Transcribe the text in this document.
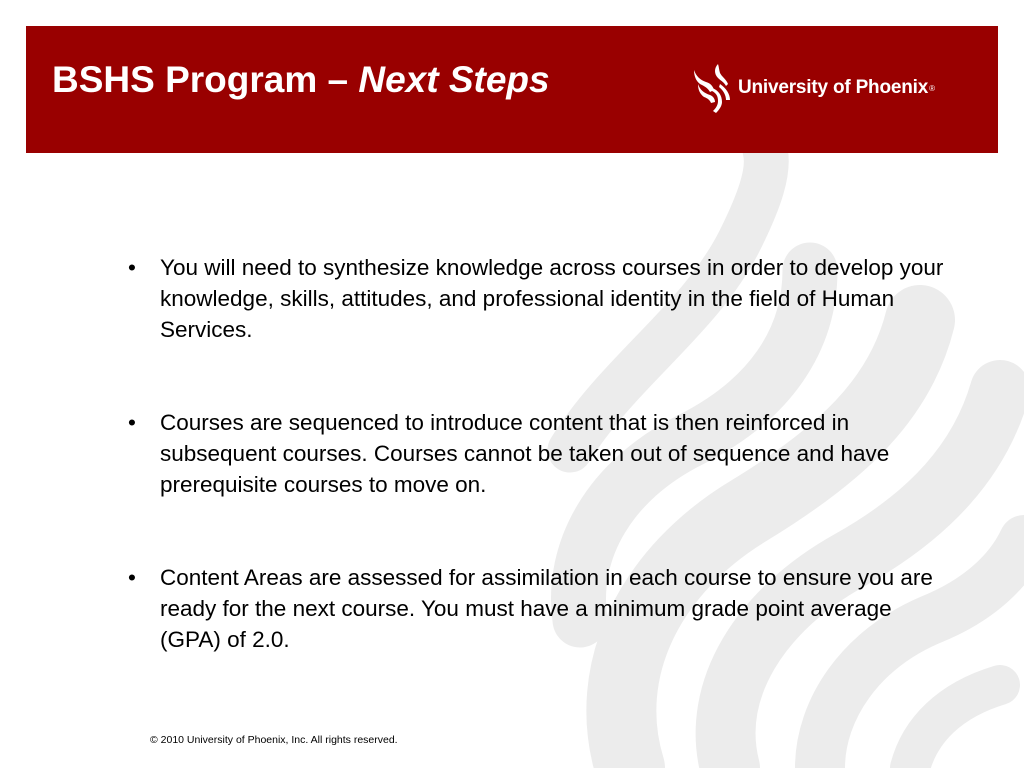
BSHS Program – Next Steps	University of Phoenix ®
• You will need to synthesize knowledge across courses in order to develop your knowledge, skills, attitudes, and professional identity in the field of Human Services.
• Courses are sequenced to introduce content that is then reinforced in subsequent courses. Courses cannot be taken out of sequence and have prerequisite courses to move on.
• Content Areas are assessed for assimilation in each course to ensure you are ready for the next course. You must have a minimum grade point average (GPA) of 2.0.
© 2010 University of Phoenix, Inc. All rights reserved.
